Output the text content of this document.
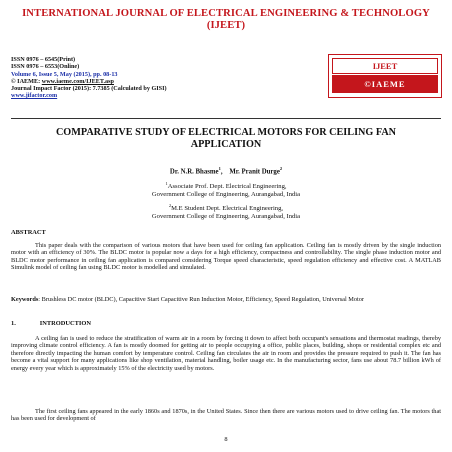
INTERNATIONAL JOURNAL OF ELECTRICAL ENGINEERING & TECHNOLOGY (IJEET)
ISSN 0976 – 6545(Print)
ISSN 0976 – 6553(Online)
Volume 6, Issue 5, May (2015), pp. 08-13
© IAEME: www.iaeme.com/IJEET.asp
Journal Impact Factor (2015): 7.7385 (Calculated by GISI)
www.jifactor.com
IJEET
©IAEME
COMPARATIVE STUDY OF ELECTRICAL MOTORS FOR CEILING FAN APPLICATION
Dr. N.R. Bhasme$^1$,    Mr. Pranit Durge$^2$
$^1$Associate Prof. Dept. Electrical Engineering,
Government College of Engineering, Aurangabad, India
$^2$M.E Student Dept. Electrical Engineering,
Government College of Engineering, Aurangabad, India
ABSTRACT
This paper deals with the comparison of various motors that have been used for ceiling fan application. Ceiling fan is mostly driven by the single induction motor with an efficiency of 30%. The BLDC motor is popular now a days for a high efficiency, compactness and controllability. The single phase induction motor and BLDC motor performance in ceiling fan application is compared considering Torque speed characteristic, speed regulation efficiency and effective cost. A MATLAB Simulink model of ceiling fan using BLDC motor is modelled and simulated.
Keywords: Brushless DC motor (BLDC), Capacitive Start Capacitive Run Induction Motor, Efficiency, Speed Regulation, Universal Motor
1.	INTRODUCTION
A ceiling fan is used to reduce the stratification of warm air in a room by forcing it down to affect both occupant's sensations and thermostat readings, thereby improving climate control efficiency. A fan is mostly doomed for getting air to people occupying a office, public places, building, shops or residential complex etc and therefore directly impacting the human comfort by temperature control. Ceiling fan circulates the air in room and provides the pressure required to push it. The fan has become a vital support for many applications like shop ventilation, material handling, boiler usage etc. In the manufacturing sector, fans use about 78.7 billion kWh of energy every year which is approximately 15% of the electricity used by motors.
The first ceiling fans appeared in the early 1860s and 1870s, in the United States. Since then there are various motors used to drive ceiling fan. The motors that has been used for development of
8
